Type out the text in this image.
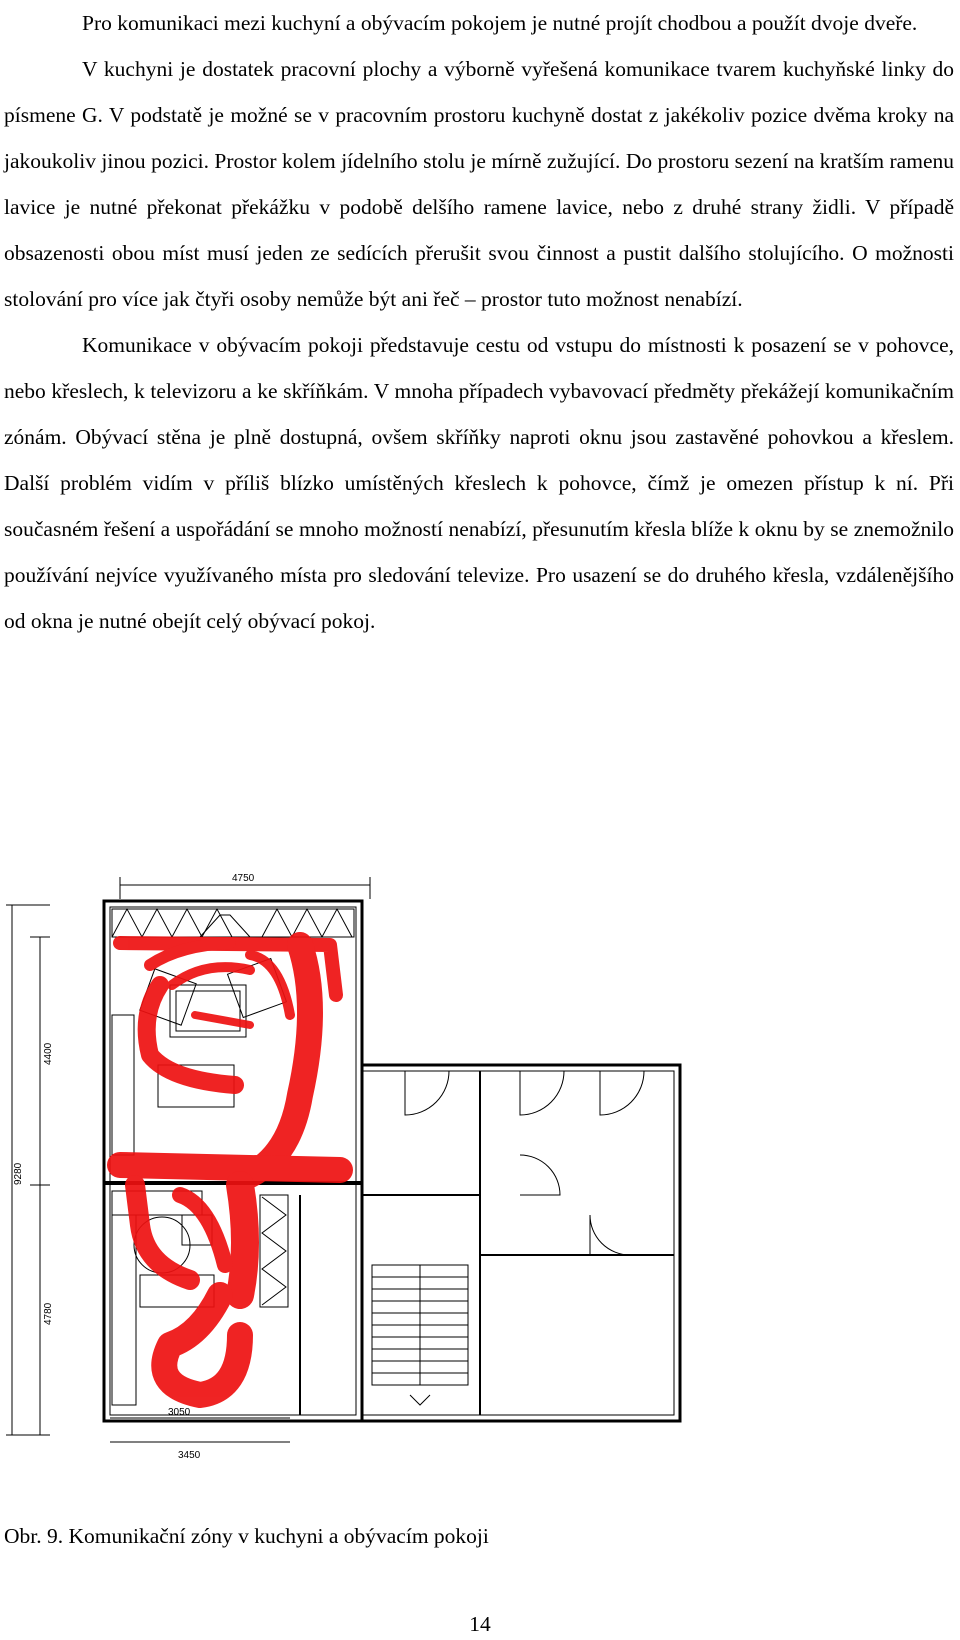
Pro komunikaci mezi kuchyní a obývacím pokojem je nutné projít chodbou a použít dvoje dveře.

V kuchyni je dostatek pracovní plochy a výborně vyřešená komunikace tvarem kuchyňské linky do písmene G. V podstatě je možné se v pracovním prostoru kuchyně dostat z jakékoliv pozice dvěma kroky na jakoukoliv jinou pozici. Prostor kolem jídelního stolu je mírně zužující. Do prostoru sezení na kratším ramenu lavice je nutné překonat překážku v podobě delšího ramene lavice, nebo z druhé strany židli. V případě obsazenosti obou míst musí jeden ze sedících přerušit svou činnost a pustit dalšího stolujícího. O možnosti stolování pro více jak čtyři osoby nemůže být ani řeč – prostor tuto možnost nenabízí.

Komunikace v obývacím pokoji představuje cestu od vstupu do místnosti k posazení se v pohovce, nebo křeslech, k televizoru a ke skříňkám. V mnoha případech vybavovací předměty překážejí komunikačním zónám. Obývací stěna je plně dostupná, ovšem skříňky naproti oknu jsou zastavěné pohovkou a křeslem. Další problém vidím v příliš blízko umístěných křeslech k pohovce, čímž je omezen přístup k ní. Při současném řešení a uspořádání se mnoho možností nenabízí, přesunutím křesla blíže k oknu by se znemožnilo používání nejvíce využívaného místa pro sledování televize. Pro usazení se do druhého křesla, vzdálenějšího od okna je nutné obejít celý obývací pokoj.

4750
4400
9280
4780
3050
3450
Obr. 9. Komunikační zóny v kuchyni a obývacím pokoji
14
